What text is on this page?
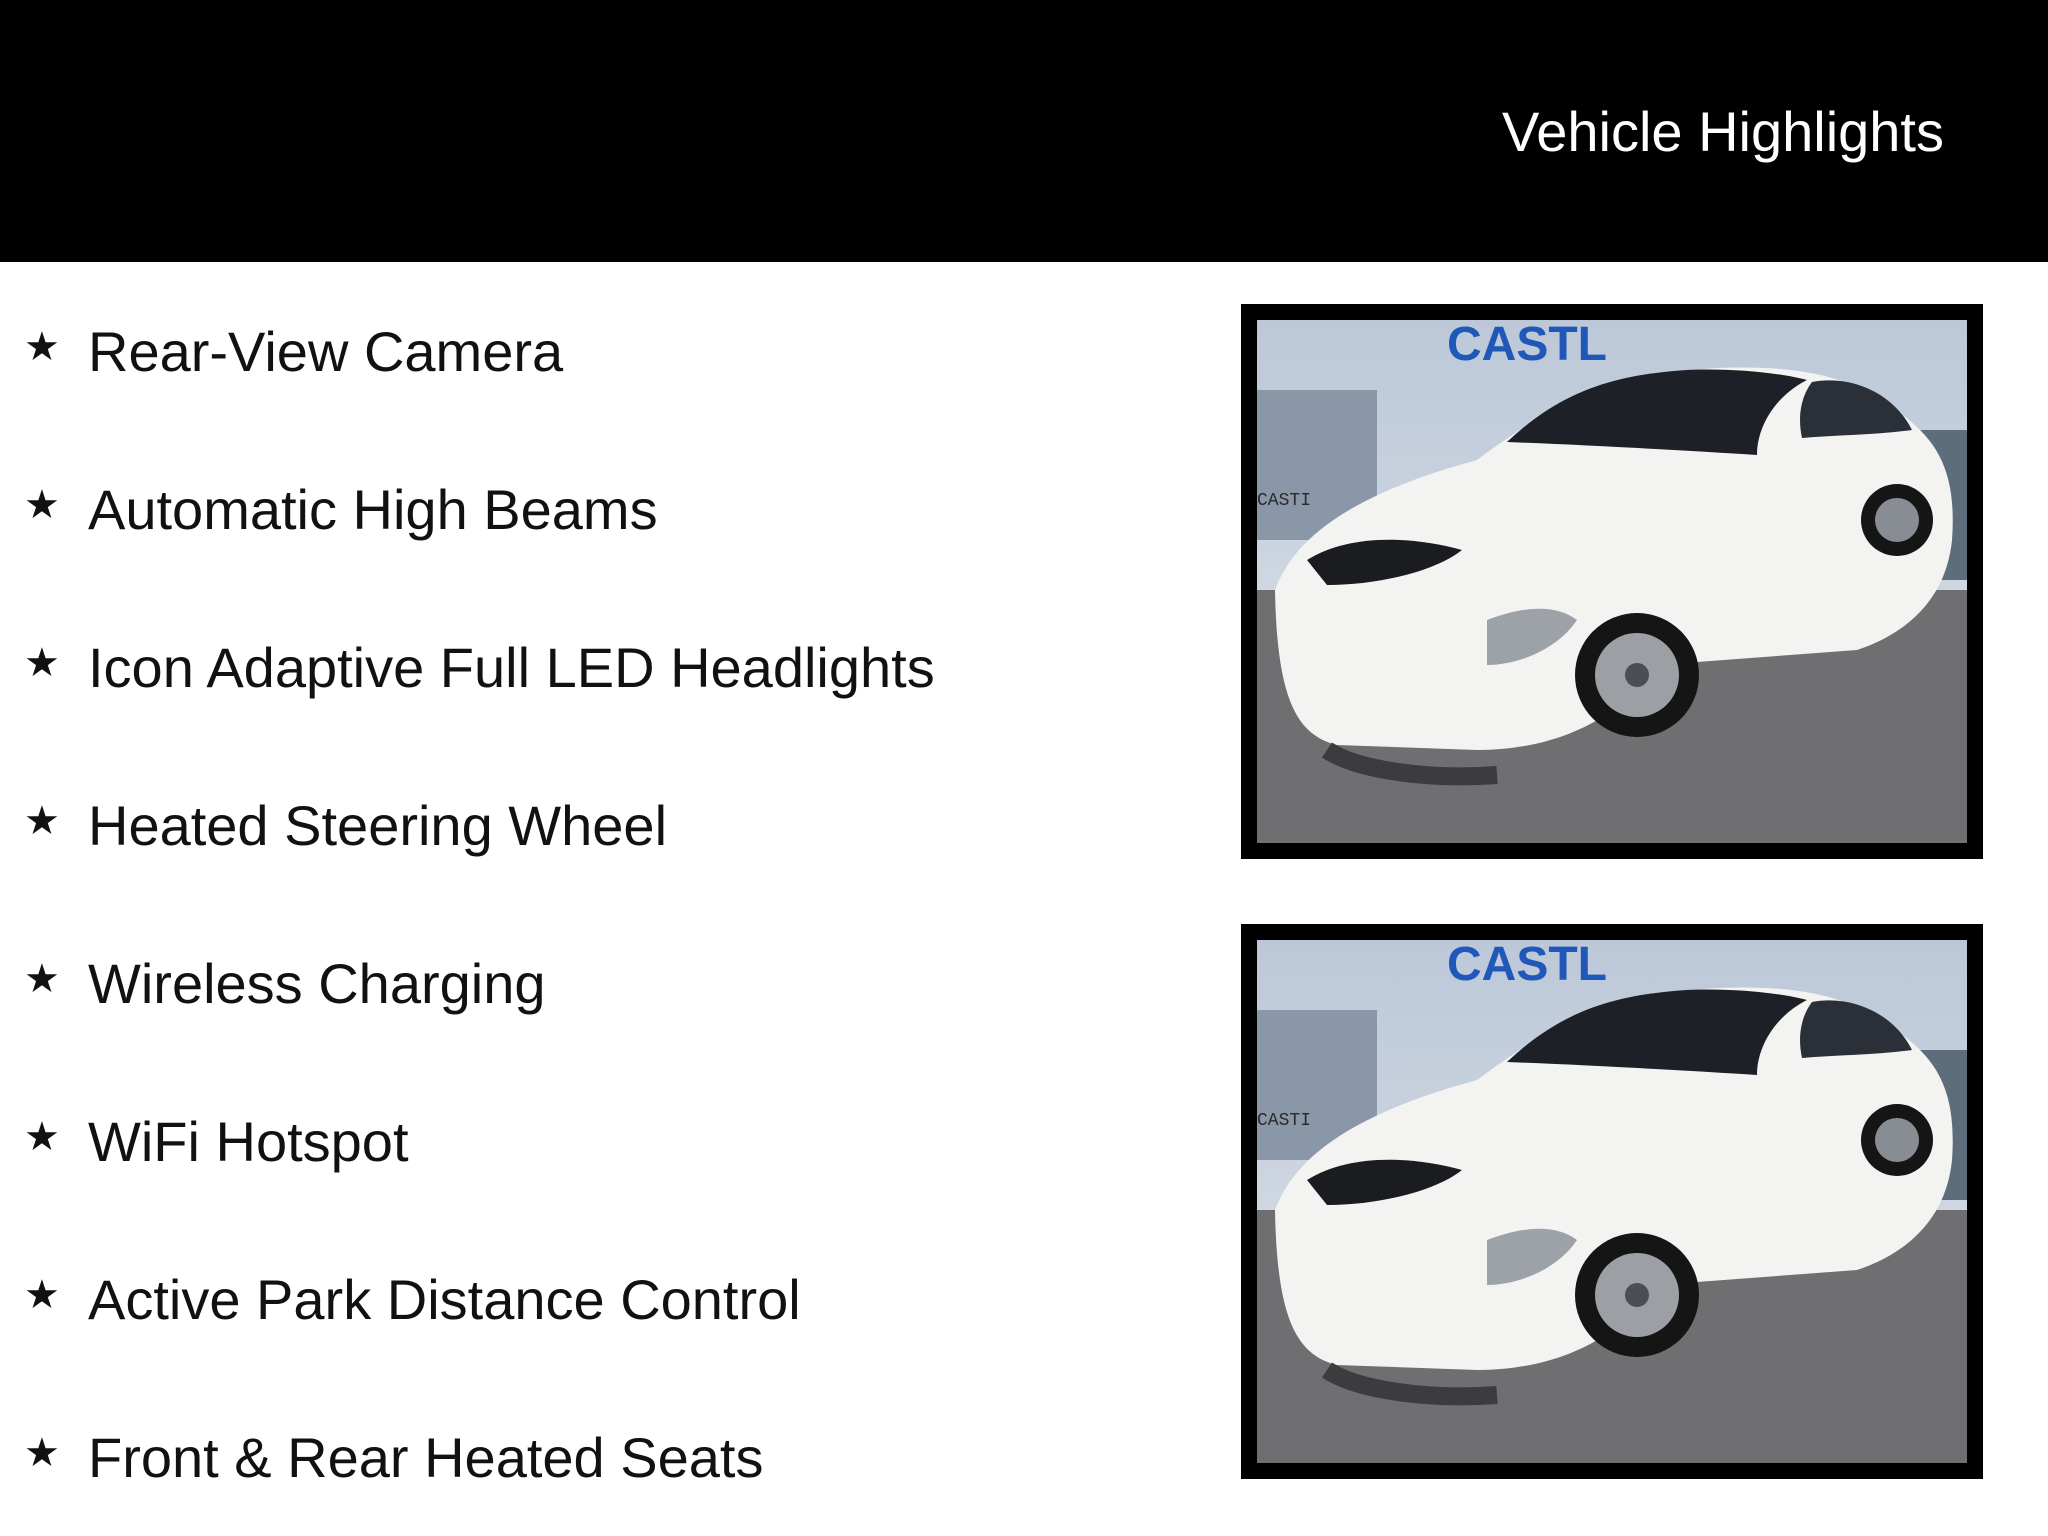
Vehicle Highlights
★ Rear-View Camera
★ Automatic High Beams
★ Icon Adaptive Full LED Headlights
★ Heated Steering Wheel
★ Wireless Charging
★ WiFi Hotspot
★ Active Park Distance Control
★ Front & Rear Heated Seats
CASTL
CASTI
CASTL
CASTI
